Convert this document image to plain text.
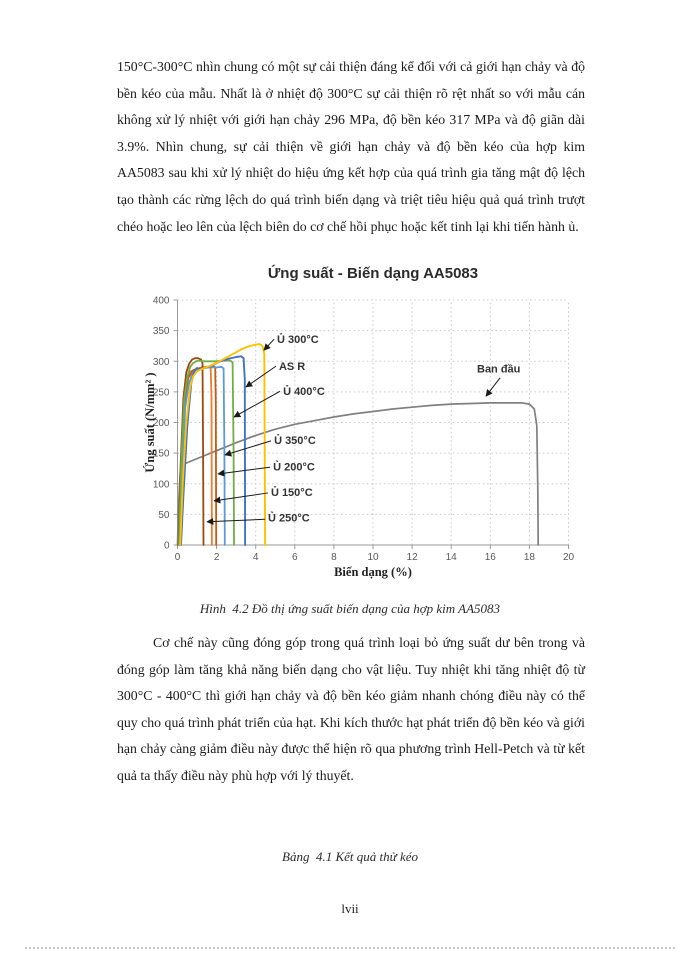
150°C-300°C nhìn chung có một sự cải thiện đáng kể đối với cả giới hạn chảy và độ
bền kéo của mẫu. Nhất là ở nhiệt độ 300°C sự cải thiện rõ rệt nhất so với mẫu cán
không xử lý nhiệt với giới hạn chảy 296 MPa, độ bền kéo 317 MPa và độ giãn dài
3.9%. Nhìn chung, sự cải thiện về giới hạn chảy và độ bền kéo của hợp kim
AA5083 sau khi xử lý nhiệt do hiệu ứng kết hợp của quá trình gia tăng mật độ lệch
tạo thành các rừng lệch do quá trình biến dạng và triệt tiêu hiệu quả quá trình trượt
chéo hoặc leo lên của lệch biên do cơ chế hồi phục hoặc kết tinh lại khi tiến hành ủ.
0	2	4	6	8	10	12	14	16	18	20
0
50
100
150
200
250
300
350
400
Ủ 300°C
AS R
Ủ 400°C
Ủ 350°C
Ủ 200°C
Ủ 150°C
Ủ 250°C
Ban đầu
Ứng suất - Biến dạng AA5083
Biến dạng (%)
Ứng suất (N/mm² )
Hình  4.2 Đồ thị ứng suất biến dạng của hợp kim AA5083
Cơ chế này cũng đóng góp trong quá trình loại bỏ ứng suất dư bên trong và
đóng góp làm tăng khả năng biến dạng cho vật liệu. Tuy nhiệt khi tăng nhiệt độ từ
300°C - 400°C thì giới hạn chảy và độ bền kéo giảm nhanh chóng điều này có thể
quy cho quá trình phát triển của hạt. Khi kích thước hạt phát triển độ bền kéo và giới
hạn chảy càng giảm điều này được thể hiện rõ qua phương trình Hell-Petch và từ kết
quả ta thấy điều này phù hợp với lý thuyết.
Bảng  4.1 Kết quả thử kéo
lvii
